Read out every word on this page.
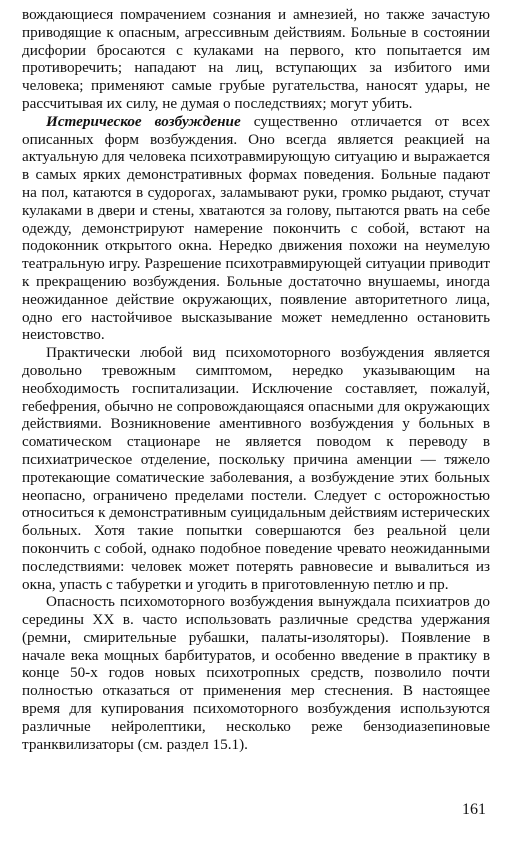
вождающиеся помрачением сознания и амнезией, но также зачастую приводящие к опасным, агрессивным действиям. Больные в состоянии дисфории бросаются с кулаками на первого, кто попытается им противоречить; нападают на лиц, вступающих за избитого ими человека; применяют самые грубые ругательства, наносят удары, не рассчитывая их силу, не думая о последствиях; могут убить.

Истерическое возбуждение существенно отличается от всех описанных форм возбуждения. Оно всегда является реакцией на актуальную для человека психотравмирующую ситуацию и выражается в самых ярких демонстративных формах поведения. Больные падают на пол, катаются в судорогах, заламывают руки, громко рыдают, стучат кулаками в двери и стены, хватаются за голову, пытаются рвать на себе одежду, демонстрируют намерение покончить с собой, встают на подоконник открытого окна. Нередко движения похожи на неумелую театральную игру. Разрешение психотравмирующей ситуации приводит к прекращению возбуждения. Больные достаточно внушаемы, иногда неожиданное действие окружающих, появление авторитетного лица, одно его настойчивое высказывание может немедленно остановить неистовство.

Практически любой вид психомоторного возбуждения является довольно тревожным симптомом, нередко указывающим на необходимость госпитализации. Исключение составляет, пожалуй, гебефрения, обычно не сопровождающаяся опасными для окружающих действиями. Возникновение аментивного возбуждения у больных в соматическом стационаре не является поводом к переводу в психиатрическое отделение, поскольку причина аменции — тяжело протекающие соматические заболевания, а возбуждение этих больных неопасно, ограничено пределами постели. Следует с осторожностью относиться к демонстративным суицидальным действиям истерических больных. Хотя такие попытки совершаются без реальной цели покончить с собой, однако подобное поведение чревато неожиданными последствиями: человек может потерять равновесие и вывалиться из окна, упасть с табуретки и угодить в приготовленную петлю и пр.

Опасность психомоторного возбуждения вынуждала психиатров до середины XX в. часто использовать различные средства удержания (ремни, смирительные рубашки, палаты-изоляторы). Появление в начале века мощных барбитуратов, и особенно введение в практику в конце 50-х годов новых психотропных средств, позволило почти полностью отказаться от применения мер стеснения. В настоящее время для купирования психомоторного возбуждения используются различные нейролептики, несколько реже бензодиазепиновые транквилизаторы (см. раздел 15.1).

161
